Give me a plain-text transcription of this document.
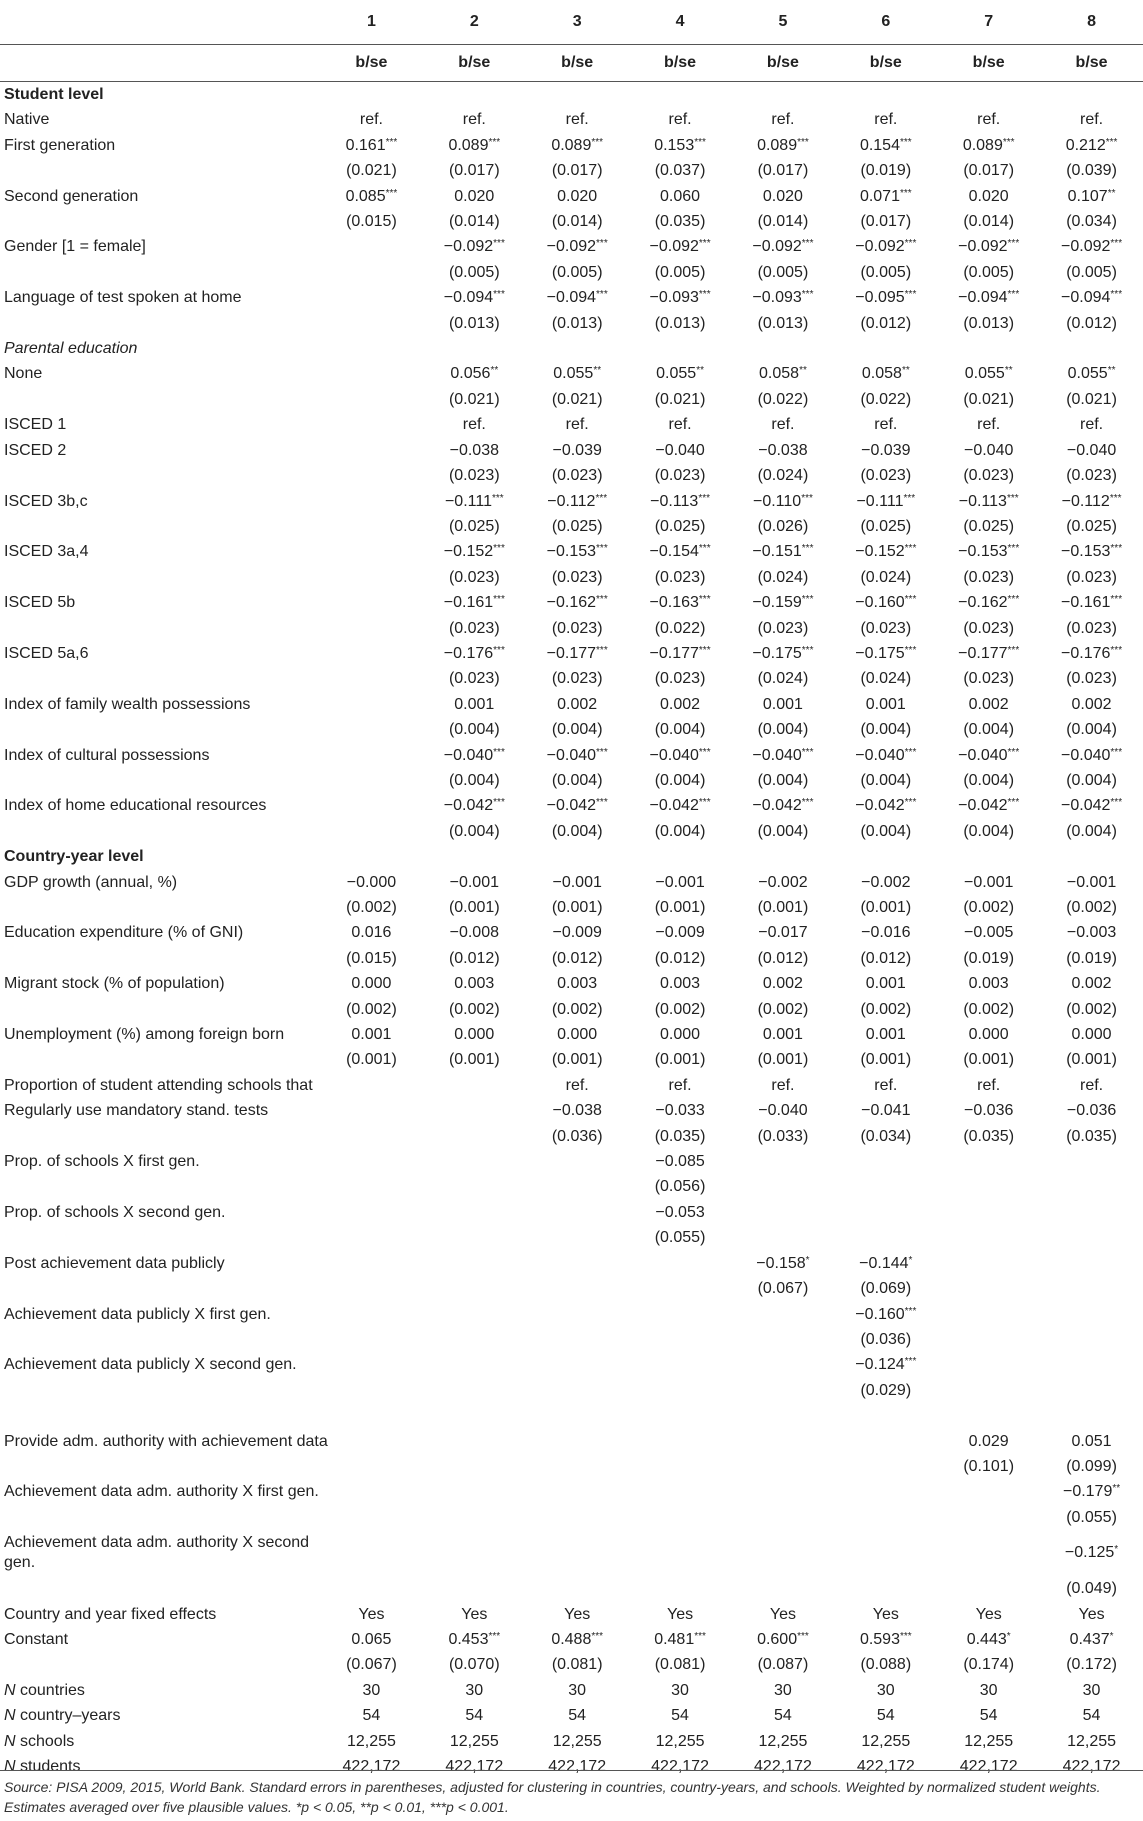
	1	2	3	4	5	6	7	8
	b/se	b/se	b/se	b/se	b/se	b/se	b/se	b/se
Student level								
Native	ref.	ref.	ref.	ref.	ref.	ref.	ref.	ref.
First generation	0.161***	0.089***	0.089***	0.153***	0.089***	0.154***	0.089***	0.212***
	(0.021)	(0.017)	(0.017)	(0.037)	(0.017)	(0.019)	(0.017)	(0.039)
Second generation	0.085***	0.020	0.020	0.060	0.020	0.071***	0.020	0.107**
	(0.015)	(0.014)	(0.014)	(0.035)	(0.014)	(0.017)	(0.014)	(0.034)
Gender [1 = female]		−0.092***	−0.092***	−0.092***	−0.092***	−0.092***	−0.092***	−0.092***
		(0.005)	(0.005)	(0.005)	(0.005)	(0.005)	(0.005)	(0.005)
Language of test spoken at home		−0.094***	−0.094***	−0.093***	−0.093***	−0.095***	−0.094***	−0.094***
		(0.013)	(0.013)	(0.013)	(0.013)	(0.012)	(0.013)	(0.012)
Parental education								
None		0.056**	0.055**	0.055**	0.058**	0.058**	0.055**	0.055**
		(0.021)	(0.021)	(0.021)	(0.022)	(0.022)	(0.021)	(0.021)
ISCED 1		ref.	ref.	ref.	ref.	ref.	ref.	ref.
ISCED 2		−0.038	−0.039	−0.040	−0.038	−0.039	−0.040	−0.040
		(0.023)	(0.023)	(0.023)	(0.024)	(0.023)	(0.023)	(0.023)
ISCED 3b,c		−0.111***	−0.112***	−0.113***	−0.110***	−0.111***	−0.113***	−0.112***
		(0.025)	(0.025)	(0.025)	(0.026)	(0.025)	(0.025)	(0.025)
ISCED 3a,4		−0.152***	−0.153***	−0.154***	−0.151***	−0.152***	−0.153***	−0.153***
		(0.023)	(0.023)	(0.023)	(0.024)	(0.024)	(0.023)	(0.023)
ISCED 5b		−0.161***	−0.162***	−0.163***	−0.159***	−0.160***	−0.162***	−0.161***
		(0.023)	(0.023)	(0.022)	(0.023)	(0.023)	(0.023)	(0.023)
ISCED 5a,6		−0.176***	−0.177***	−0.177***	−0.175***	−0.175***	−0.177***	−0.176***
		(0.023)	(0.023)	(0.023)	(0.024)	(0.024)	(0.023)	(0.023)
Index of family wealth possessions		0.001	0.002	0.002	0.001	0.001	0.002	0.002
		(0.004)	(0.004)	(0.004)	(0.004)	(0.004)	(0.004)	(0.004)
Index of cultural possessions		−0.040***	−0.040***	−0.040***	−0.040***	−0.040***	−0.040***	−0.040***
		(0.004)	(0.004)	(0.004)	(0.004)	(0.004)	(0.004)	(0.004)
Index of home educational resources		−0.042***	−0.042***	−0.042***	−0.042***	−0.042***	−0.042***	−0.042***
		(0.004)	(0.004)	(0.004)	(0.004)	(0.004)	(0.004)	(0.004)
Country-year level								
GDP growth (annual, %)	−0.000	−0.001	−0.001	−0.001	−0.002	−0.002	−0.001	−0.001
	(0.002)	(0.001)	(0.001)	(0.001)	(0.001)	(0.001)	(0.002)	(0.002)
Education expenditure (% of GNI)	0.016	−0.008	−0.009	−0.009	−0.017	−0.016	−0.005	−0.003
	(0.015)	(0.012)	(0.012)	(0.012)	(0.012)	(0.012)	(0.019)	(0.019)
Migrant stock (% of population)	0.000	0.003	0.003	0.003	0.002	0.001	0.003	0.002
	(0.002)	(0.002)	(0.002)	(0.002)	(0.002)	(0.002)	(0.002)	(0.002)
Unemployment (%) among foreign born	0.001	0.000	0.000	0.000	0.001	0.001	0.000	0.000
	(0.001)	(0.001)	(0.001)	(0.001)	(0.001)	(0.001)	(0.001)	(0.001)
Proportion of student attending schools that			ref.	ref.	ref.	ref.	ref.	ref.
Regularly use mandatory stand. tests			−0.038	−0.033	−0.040	−0.041	−0.036	−0.036
			(0.036)	(0.035)	(0.033)	(0.034)	(0.035)	(0.035)
Prop. of schools X first gen.				−0.085				
				(0.056)				
Prop. of schools X second gen.				−0.053				
				(0.055)				
Post achievement data publicly					−0.158*	−0.144*		
					(0.067)	(0.069)		
Achievement data publicly X first gen.						−0.160***		
						(0.036)		
Achievement data publicly X second gen.						−0.124***		
						(0.029)		

Provide adm. authority with achievement data							0.029	0.051
							(0.101)	(0.099)
Achievement data adm. authority X first gen.								−0.179**
								(0.055)
Achievement data adm. authority X second gen.								−0.125*
								(0.049)
Country and year fixed effects	Yes	Yes	Yes	Yes	Yes	Yes	Yes	Yes
Constant	0.065	0.453***	0.488***	0.481***	0.600***	0.593***	0.443*	0.437*
	(0.067)	(0.070)	(0.081)	(0.081)	(0.087)	(0.088)	(0.174)	(0.172)
N countries	30	30	30	30	30	30	30	30
N country–years	54	54	54	54	54	54	54	54
N schools	12,255	12,255	12,255	12,255	12,255	12,255	12,255	12,255
N students	422,172	422,172	422,172	422,172	422,172	422,172	422,172	422,172
Source: PISA 2009, 2015, World Bank. Standard errors in parentheses, adjusted for clustering in countries, country-years, and schools. Weighted by normalized student weights. Estimates averaged over five plausible values. *p < 0.05, **p < 0.01, ***p < 0.001.
